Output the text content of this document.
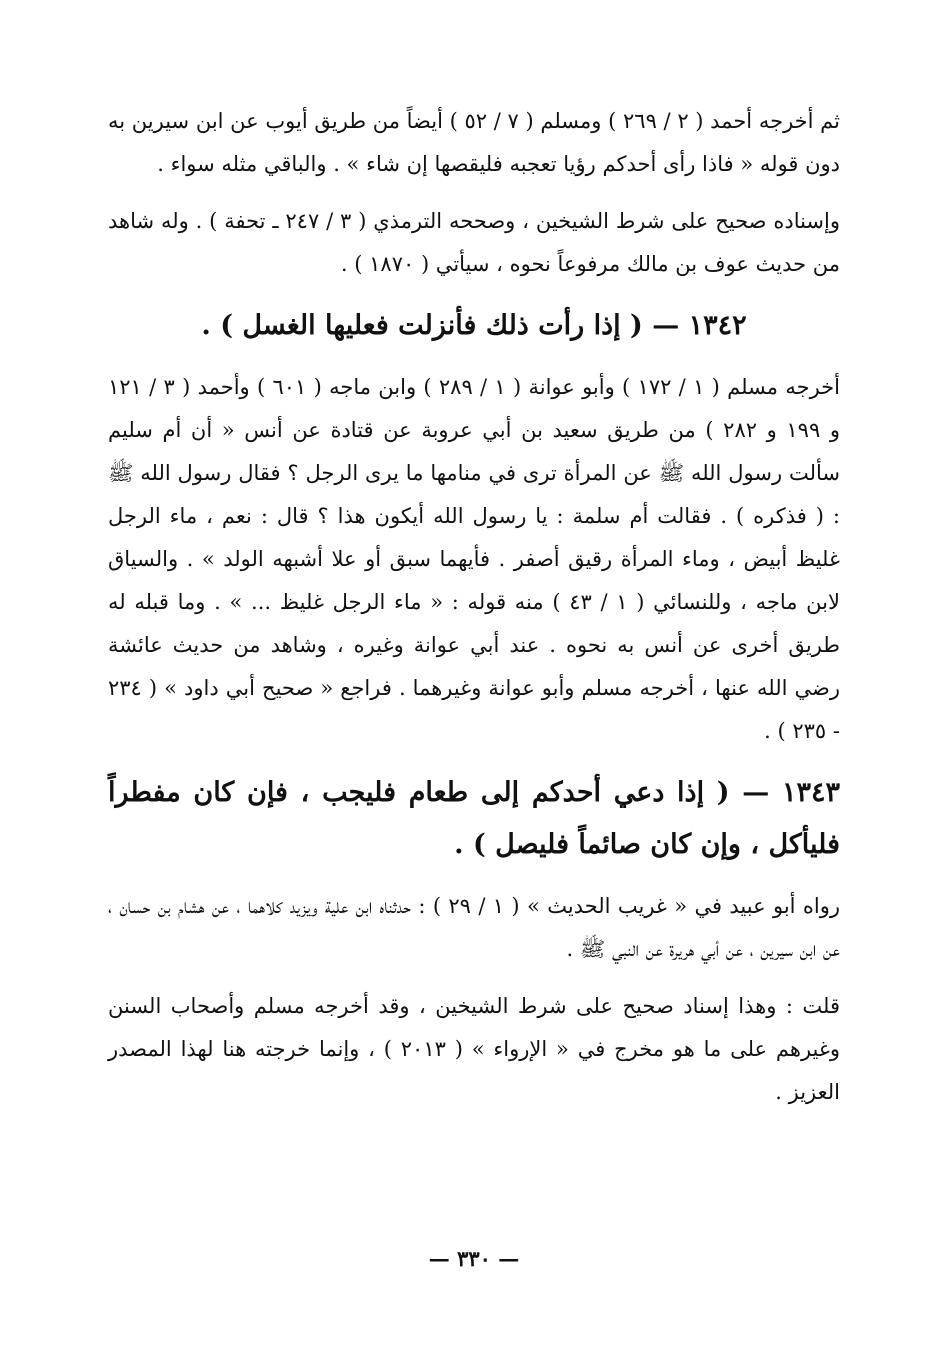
ثم أخرجه أحمد ( ٢ / ٢٦٩ ) ومسلم ( ٧ / ٥٢ ) أيضاً من طريق أيوب عن ابن سيرين به دون قوله « فاذا رأى أحدكم رؤيا تعجبه فليقصها إن شاء » . والباقي مثله سواء .

وإسناده صحيح على شرط الشيخين ، وصححه الترمذي ( ٣ / ٢٤٧ ـ تحفة ) . وله شاهد من حديث عوف بن مالك مرفوعاً نحوه ، سيأتي ( ١٨٧٠ ) .

١٣٤٢ — ( إذا رأت ذلك فأنزلت فعليها الغسل ) .

أخرجه مسلم ( ١ / ١٧٢ ) وأبو عوانة ( ١ / ٢٨٩ ) وابن ماجه ( ٦٠١ ) وأحمد ( ٣ / ١٢١ و ١٩٩ و ٢٨٢ ) من طريق سعيد بن أبي عروبة عن قتادة عن أنس « أن أم سليم سألت رسول الله ﷺ عن المرأة ترى في منامها ما يرى الرجل ؟ فقال رسول الله ﷺ : ( فذكره ) . فقالت أم سلمة : يا رسول الله أيكون هذا ؟ قال : نعم ، ماء الرجل غليظ أبيض ، وماء المرأة رقيق أصفر . فأيهما سبق أو علا أشبهه الولد » . والسياق لابن ماجه ، وللنسائي ( ١ / ٤٣ ) منه قوله : « ماء الرجل غليظ ... » . وما قبله له طريق أخرى عن أنس به نحوه . عند أبي عوانة وغيره ، وشاهد من حديث عائشة رضي الله عنها ، أخرجه مسلم وأبو عوانة وغيرهما . فراجع « صحيح أبي داود » ( ٢٣٤ - ٢٣٥ ) .

١٣٤٣ — ( إذا دعي أحدكم إلى طعام فليجب ، فإن كان مفطراً فليأكل ، وإن كان صائماً فليصل ) .

رواه أبو عبيد في « غريب الحديث » ( ١ / ٢٩ ) : حدثناه ابن علية ويزيد كلاهما ، عن هشام بن حسان ، عن ابن سيرين ، عن أبي هريرة عن النبي ﷺ .

قلت : وهذا إسناد صحيح على شرط الشيخين ، وقد أخرجه مسلم وأصحاب السنن وغيرهم على ما هو مخرج في « الإرواء » ( ٢٠١٣ ) ، وإنما خرجته هنا لهذا المصدر العزيز .

— ٣٣٠ —
